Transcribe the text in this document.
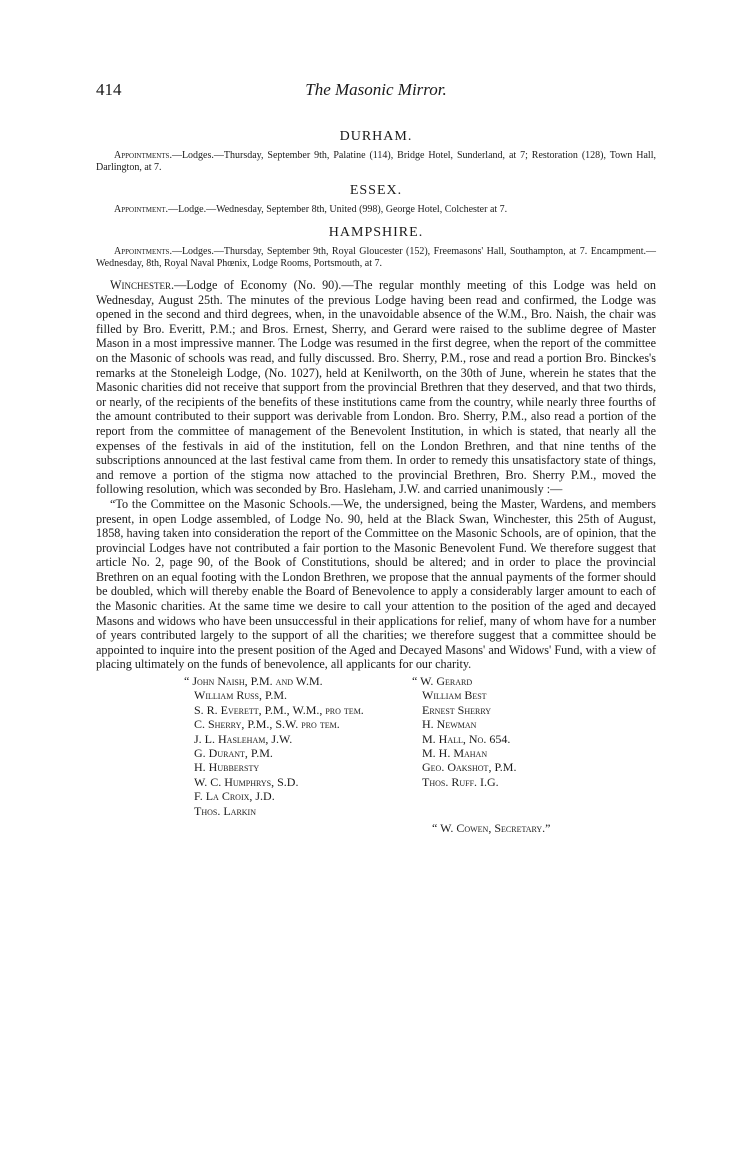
414	The Masonic Mirror.
DURHAM.

Appointments.—Lodges.—Thursday, September 9th, Palatine (114), Bridge Hotel, Sunderland, at 7; Restoration (128), Town Hall, Darlington, at 7.

ESSEX.

Appointment.—Lodge.—Wednesday, September 8th, United (998), George Hotel, Colchester at 7.

HAMPSHIRE.

Appointments.—Lodges.—Thursday, September 9th, Royal Gloucester (152), Freemasons' Hall, Southampton, at 7. Encampment.—Wednesday, 8th, Royal Naval Phœnix, Lodge Rooms, Portsmouth, at 7.

Winchester.—Lodge of Economy (No. 90).—The regular monthly meeting of this Lodge was held on Wednesday, August 25th. The minutes of the previous Lodge having been read and confirmed, the Lodge was opened in the second and third degrees, when, in the unavoidable absence of the W.M., Bro. Naish, the chair was filled by Bro. Everitt, P.M.; and Bros. Ernest, Sherry, and Gerard were raised to the sublime degree of Master Mason in a most impressive manner. The Lodge was resumed in the first degree, when the report of the committee on the Masonic of schools was read, and fully discussed. Bro. Sherry, P.M., rose and read a portion Bro. Binckes's remarks at the Stoneleigh Lodge, (No. 1027), held at Kenilworth, on the 30th of June, wherein he states that the Masonic charities did not receive that support from the provincial Brethren that they deserved, and that two thirds, or nearly, of the recipients of the benefits of these institutions came from the country, while nearly three fourths of the amount contributed to their support was derivable from London. Bro. Sherry, P.M., also read a portion of the report from the committee of management of the Benevolent Institution, in which is stated, that nearly all the expenses of the festivals in aid of the institution, fell on the London Brethren, and that nine tenths of the subscriptions announced at the last festival came from them. In order to remedy this unsatisfactory state of things, and remove a portion of the stigma now attached to the provincial Brethren, Bro. Sherry P.M., moved the following resolution, which was seconded by Bro. Hasleham, J.W. and carried unanimously :—

“To the Committee on the Masonic Schools.—We, the undersigned, being the Master, Wardens, and members present, in open Lodge assembled, of Lodge No. 90, held at the Black Swan, Winchester, this 25th of August, 1858, having taken into consideration the report of the Committee on the Masonic Schools, are of opinion, that the provincial Lodges have not contributed a fair portion to the Masonic Benevolent Fund. We therefore suggest that article No. 2, page 90, of the Book of Constitutions, should be altered; and in order to place the provincial Brethren on an equal footing with the London Brethren, we propose that the annual payments of the former should be doubled, which will thereby enable the Board of Benevolence to apply a considerably larger amount to each of the Masonic charities. At the same time we desire to call your attention to the position of the aged and decayed Masons and widows who have been unsuccessful in their applications for relief, many of whom have for a number of years contributed largely to the support of all the charities; we therefore suggest that a committee should be appointed to inquire into the present position of the Aged and Decayed Masons' and Widows' Fund, with a view of placing ultimately on the funds of benevolence, all applicants for our charity.

“ John Naish, P.M. and W.M.
William Russ, P.M.
S. R. Everett, P.M., W.M., pro tem.
C. Sherry, P.M., S.W. pro tem.
J. L. Hasleham, J.W.
G. Durant, P.M.
H. Hubbersty
W. C. Humphrys, S.D.
F. La Croix, J.D.
Thos. Larkin
“ W. Gerard
William Best
Ernest Sherry
H. Newman
M. Hall, No. 654.
M. H. Mahan
Geo. Oakshot, P.M.
Thos. Ruff. I.G.
“ W. Cowen, Secretary.”
